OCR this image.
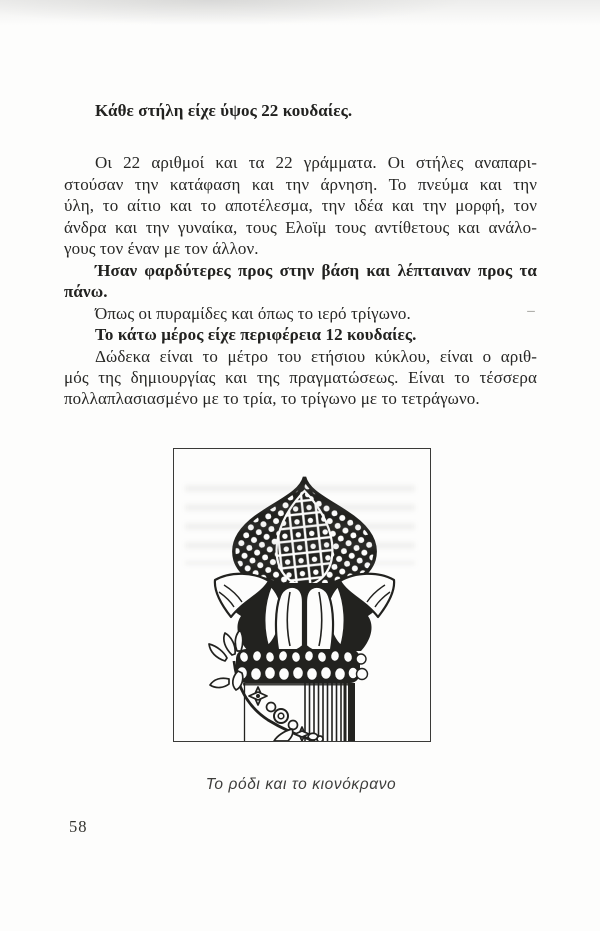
Κάθε στήλη είχε ύψος 22 κουδαίες.
Οι 22 αριθμοί και τα 22 γράμματα. Οι στήλες αναπαρι-
στούσαν την κατάφαση και την άρνηση. Το πνεύμα και την
ύλη, το αίτιο και το αποτέλεσμα, την ιδέα και την μορφή, τον
άνδρα και την γυναίκα, τους Ελοϊμ τους αντίθετους και ανάλο-
γους τον έναν με τον άλλον.
Ήσαν φαρδύτερες προς στην βάση και λέπταιναν προς τα
πάνω.
Όπως οι πυραμίδες και όπως το ιερό τρίγωνο.
Το κάτω μέρος είχε περιφέρεια 12 κουδαίες.
Δώδεκα είναι το μέτρο του ετήσιου κύκλου, είναι ο αριθ-
μός της δημιουργίας και της πραγματώσεως. Είναι το τέσσερα
πολλαπλασιασμένο με το τρία, το τρίγωνο με το τετράγωνο.
–
Το ρόδι και το κιονόκρανο
58
